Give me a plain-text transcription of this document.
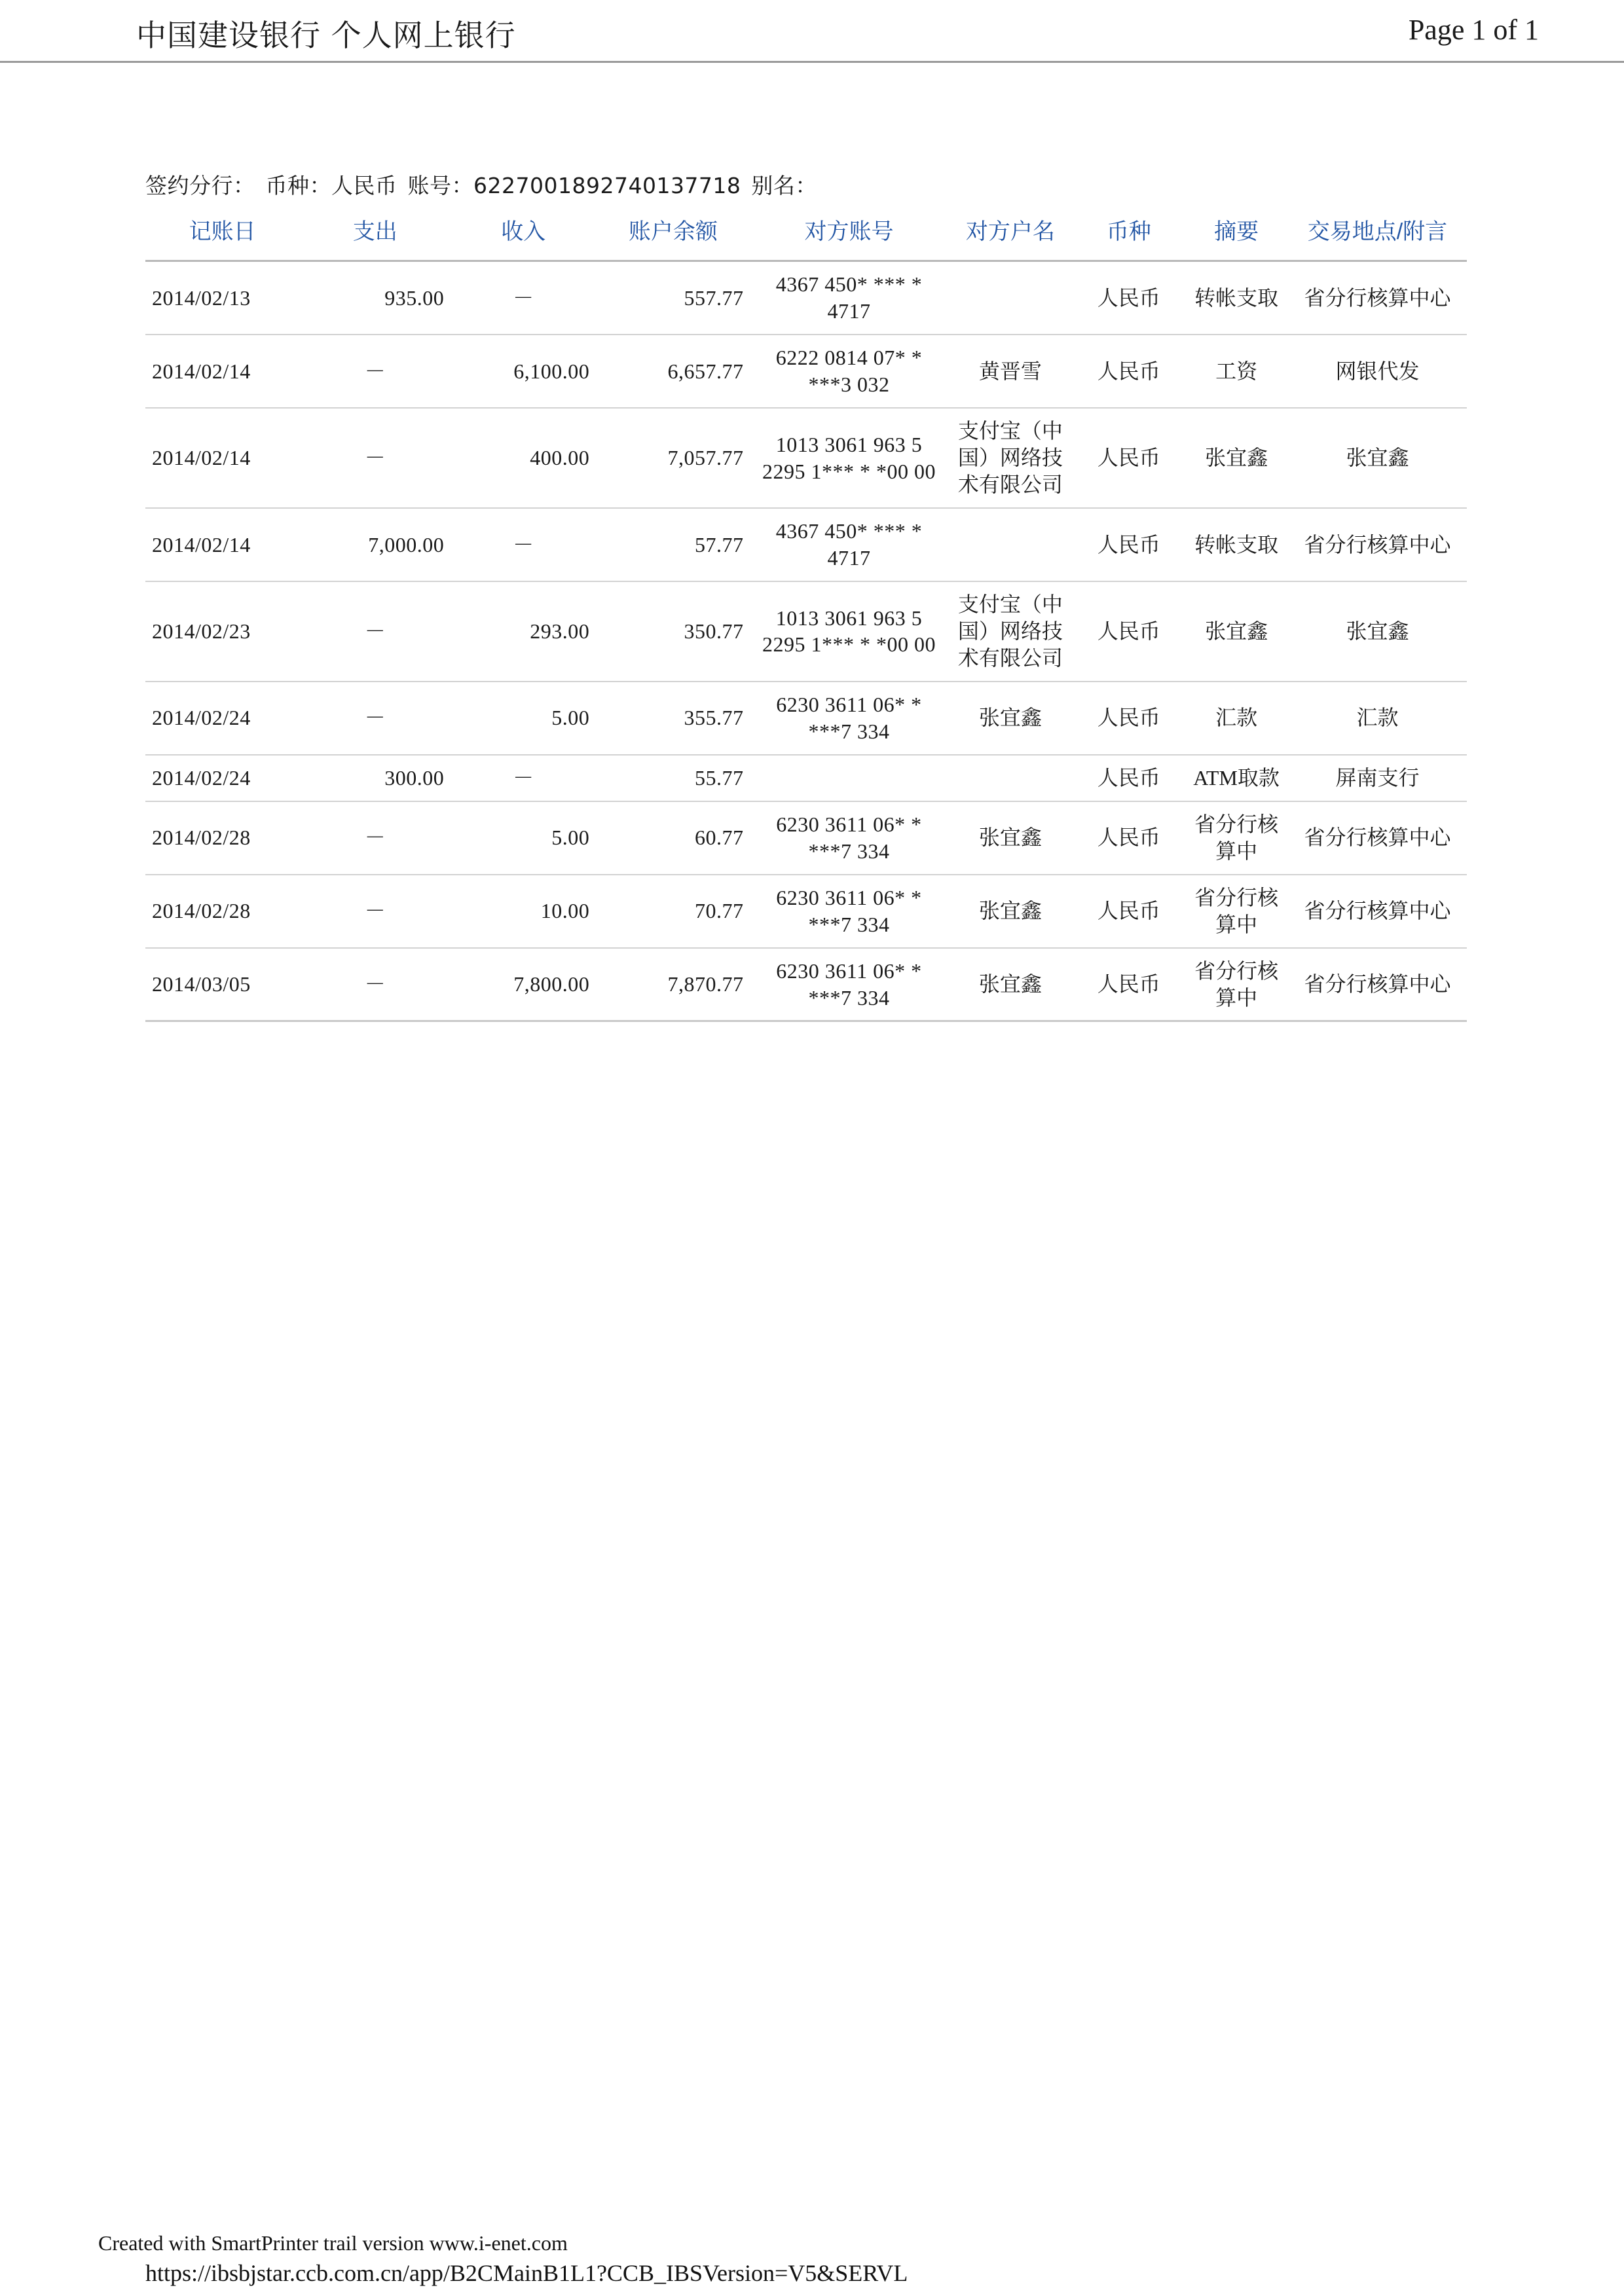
中国建设银行 个人网上银行	Page 1 of 1
签约分行： 币种：人民币 账号：6227001892740137718 别名：
记账日	支出	收入	账户余额	对方账号	对方户名	币种	摘要	交易地点/附言
2014/02/13	935.00	－	557.77	4367 450* *** * 4717		人民币	转帐支取	省分行核算中心
2014/02/14	－	6,100.00	6,657.77	6222 0814 07* * ***3 032	黄晋雪	人民币	工资	网银代发
2014/02/14	－	400.00	7,057.77	1013 3061 963 5 2295 1*** * *00 00	支付宝（中国）网络技术有限公司	人民币	张宜鑫	张宜鑫
2014/02/14	7,000.00	－	57.77	4367 450* *** * 4717		人民币	转帐支取	省分行核算中心
2014/02/23	－	293.00	350.77	1013 3061 963 5 2295 1*** * *00 00	支付宝（中国）网络技术有限公司	人民币	张宜鑫	张宜鑫
2014/02/24	－	5.00	355.77	6230 3611 06* * ***7 334	张宜鑫	人民币	汇款	汇款
2014/02/24	300.00	－	55.77			人民币	ATM取款	屏南支行
2014/02/28	－	5.00	60.77	6230 3611 06* * ***7 334	张宜鑫	人民币	省分行核算中	省分行核算中心
2014/02/28	－	10.00	70.77	6230 3611 06* * ***7 334	张宜鑫	人民币	省分行核算中	省分行核算中心
2014/03/05	－	7,800.00	7,870.77	6230 3611 06* * ***7 334	张宜鑫	人民币	省分行核算中	省分行核算中心
Created with SmartPrinter trail version www.i-enet.com
https://ibsbjstar.ccb.com.cn/app/B2CMainB1L1?CCB_IBSVersion=V5&SERVL
